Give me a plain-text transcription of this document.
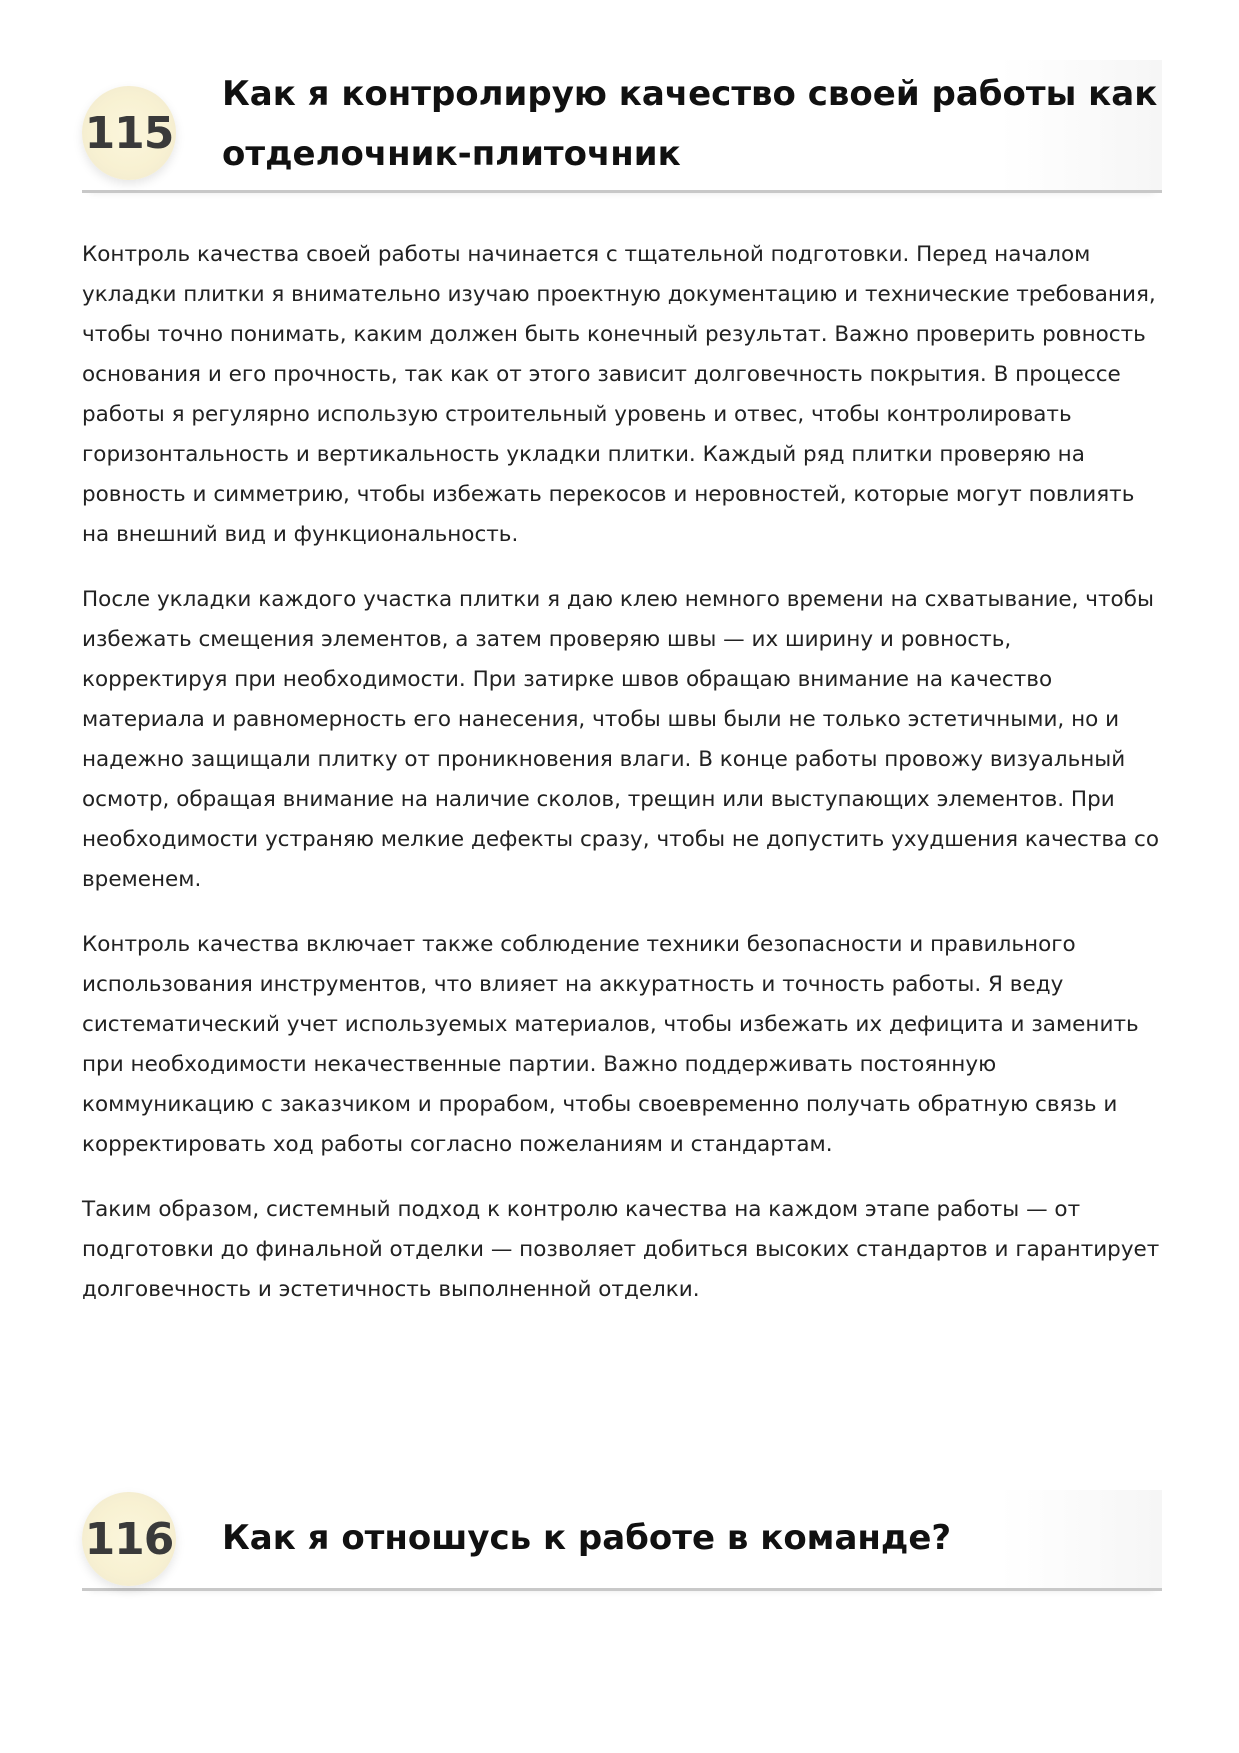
115
Как я контролирую качество своей работы как отделочник-плиточник

Контроль качества своей работы начинается с тщательной подготовки. Перед началом укладки плитки я внимательно изучаю проектную документацию и технические требования, чтобы точно понимать, каким должен быть конечный результат. Важно проверить ровность основания и его прочность, так как от этого зависит долговечность покрытия. В процессе работы я регулярно использую строительный уровень и отвес, чтобы контролировать горизонтальность и вертикальность укладки плитки. Каждый ряд плитки проверяю на ровность и симметрию, чтобы избежать перекосов и неровностей, которые могут повлиять на внешний вид и функциональность.

После укладки каждого участка плитки я даю клею немного времени на схватывание, чтобы избежать смещения элементов, а затем проверяю швы — их ширину и ровность, корректируя при необходимости. При затирке швов обращаю внимание на качество материала и равномерность его нанесения, чтобы швы были не только эстетичными, но и надежно защищали плитку от проникновения влаги. В конце работы провожу визуальный осмотр, обращая внимание на наличие сколов, трещин или выступающих элементов. При необходимости устраняю мелкие дефекты сразу, чтобы не допустить ухудшения качества со временем.

Контроль качества включает также соблюдение техники безопасности и правильного использования инструментов, что влияет на аккуратность и точность работы. Я веду систематический учет используемых материалов, чтобы избежать их дефицита и заменить при необходимости некачественные партии. Важно поддерживать постоянную коммуникацию с заказчиком и прорабом, чтобы своевременно получать обратную связь и корректировать ход работы согласно пожеланиям и стандартам.

Таким образом, системный подход к контролю качества на каждом этапе работы — от подготовки до финальной отделки — позволяет добиться высоких стандартов и гарантирует долговечность и эстетичность выполненной отделки.

116	Как я отношусь к работе в команде?
